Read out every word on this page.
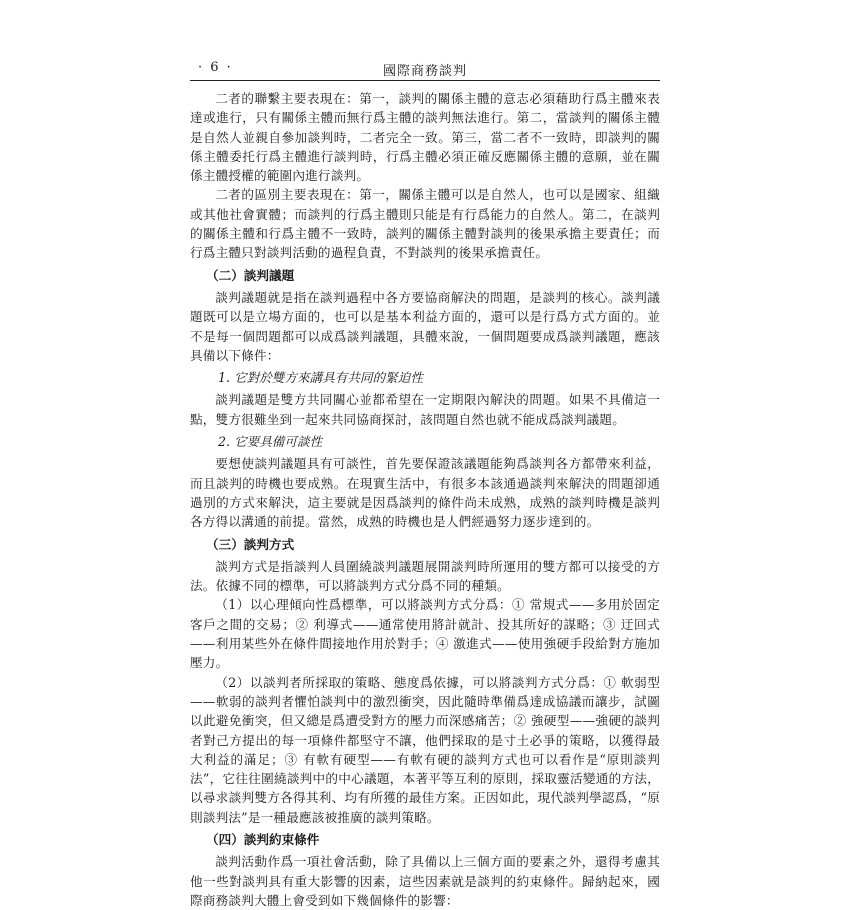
· 6 ·	國際商務談判

二者的聯繫主要表現在：第一，談判的關係主體的意志必須藉助行爲主體來表達或進行，只有關係主體而無行爲主體的談判無法進行。第二，當談判的關係主體是自然人並親自參加談判時，二者完全一致。第三，當二者不一致時，即談判的關係主體委托行爲主體進行談判時，行爲主體必須正確反應關係主體的意願，並在關係主體授權的範圍內進行談判。

二者的區別主要表現在：第一，關係主體可以是自然人，也可以是國家、組織或其他社會實體；而談判的行爲主體則只能是有行爲能力的自然人。第二，在談判的關係主體和行爲主體不一致時，談判的關係主體對談判的後果承擔主要責任；而行爲主體只對談判活動的過程負責，不對談判的後果承擔責任。

（二）談判議題

談判議題就是指在談判過程中各方要協商解決的問題，是談判的核心。談判議題既可以是立場方面的，也可以是基本利益方面的，還可以是行爲方式方面的。並不是每一個問題都可以成爲談判議題，具體來說，一個問題要成爲談判議題，應該具備以下條件：

1. 它對於雙方來講具有共同的緊迫性

談判議題是雙方共同關心並都希望在一定期限內解決的問題。如果不具備這一點，雙方很難坐到一起來共同協商探討，該問題自然也就不能成爲談判議題。

2. 它要具備可談性

要想使談判議題具有可談性，首先要保證該議題能夠爲談判各方都帶來利益，而且談判的時機也要成熟。在現實生活中，有很多本該通過談判來解決的問題卻通過別的方式來解決，這主要就是因爲談判的條件尚未成熟，成熟的談判時機是談判各方得以溝通的前提。當然，成熟的時機也是人們經過努力逐步達到的。

（三）談判方式

談判方式是指談判人員圍繞談判議題展開談判時所運用的雙方都可以接受的方法。依據不同的標準，可以將談判方式分爲不同的種類。

（1）以心理傾向性爲標準，可以將談判方式分爲：① 常規式——多用於固定客戶之間的交易；② 利導式——通常使用將計就計、投其所好的謀略；③ 迂回式——利用某些外在條件間接地作用於對手；④ 激進式——使用強硬手段給對方施加壓力。

（2）以談判者所採取的策略、態度爲依據，可以將談判方式分爲：① 軟弱型——軟弱的談判者懼怕談判中的激烈衝突，因此隨時準備爲達成協議而讓步，試圖以此避免衝突，但又總是爲遭受對方的壓力而深感痛苦；② 強硬型——強硬的談判者對己方提出的每一項條件都堅守不讓，他們採取的是寸土必爭的策略，以獲得最大利益的滿足；③ 有軟有硬型——有軟有硬的談判方式也可以看作是“原則談判法”，它往往圍繞談判中的中心議題，本著平等互利的原則，採取靈活變通的方法，以尋求談判雙方各得其利、均有所獲的最佳方案。正因如此，現代談判學認爲，“原則談判法”是一種最應該被推廣的談判策略。

（四）談判約束條件

談判活動作爲一項社會活動，除了具備以上三個方面的要素之外，還得考慮其他一些對談判具有重大影響的因素，這些因素就是談判的約束條件。歸納起來，國際商務談判大體上會受到如下幾個條件的影響：
